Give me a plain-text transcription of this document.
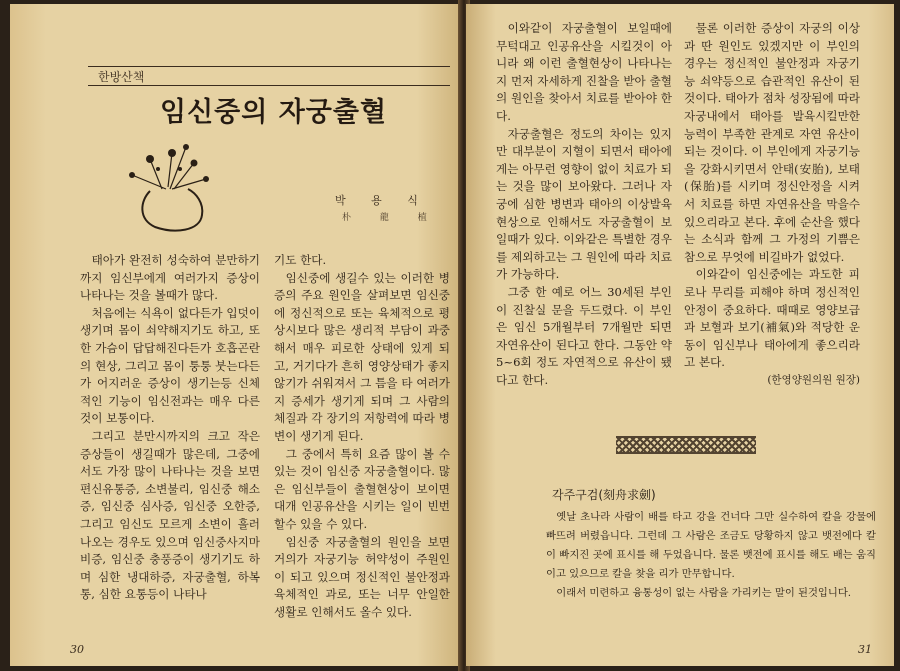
한방산책
임신중의 자궁출혈
박 용 식
朴 龍 植

태아가 완전히 성숙하여 분만하기까지 임신부에게 여러가지 증상이 나타나는 것을 볼때가 많다.

처음에는 식욕이 없다든가 입덧이 생기며 몸이 쇠약해지기도 하고, 또한 가슴이 답답해진다든가 호흡곤란의 현상, 그리고 몸이 퉁퉁 붓는다든가 어지러운 증상이 생기는등 신체적인 기능이 임신전과는 매우 다른 것이 보통이다.

그리고 분만시까지의 크고 작은 증상들이 생길때가 많은데, 그중에서도 가장 많이 나타나는 것을 보면 편신유통증, 소변불리, 임신중 해소증, 임신중 심사증, 임신중 오한증, 그리고 임신도 모르게 소변이 흘러나오는 경우도 있으며 임신중사지마비증, 임신중 충풍증이 생기기도 하며 심한 냉대하증, 자궁출혈, 하복통, 심한 요통등이 나타나

기도 한다.

임신중에 생길수 있는 이러한 병증의 주요 원인을 살펴보면 임신중에 정신적으로 또는 육체적으로 평상시보다 많은 생리적 부담이 과중해서 매우 피로한 상태에 있게 되고, 거기다가 흔히 영양상태가 좋지 않기가 쉬워져서 그 틈을 타 여러가지 증세가 생기게 되며 그 사람의 체질과 각 장기의 저항력에 따라 병변이 생기게 된다.

그 중에서 특히 요즘 많이 볼 수 있는 것이 임신중 자궁출혈이다. 많은 임신부들이 출혈현상이 보이면 대개 인공유산을 시키는 일이 빈번할수 있을 수 있다.

임신중 자궁출혈의 원인을 보면 거의가 자궁기능 허약성이 주원인이 되고 있으며 정신적인 불안정과 육체적인 과로, 또는 너무 안일한 생활로 인해서도 올수 있다.

30

이와같이 자궁출혈이 보일때에 무턱대고 인공유산을 시킬것이 아니라 왜 이런 출혈현상이 나타나는지 먼저 자세하게 진찰을 받아 출혈의 원인을 찾아서 치료를 받아야 한다.

자궁출혈은 정도의 차이는 있지만 대부분이 지혈이 되면서 태아에게는 아무런 영향이 없이 치료가 되는 것을 많이 보아왔다. 그러나 자궁에 심한 병변과 태아의 이상발육현상으로 인해서도 자궁출혈이 보일때가 있다. 이와같은 특별한 경우를 제외하고는 그 원인에 따라 치료가 가능하다.

그중 한 예로 어느 30세된 부인이 진찰실 문을 두드렸다. 이 부인은 임신 5개월부터 7개월만 되면 자연유산이 된다고 한다. 그동안 약 5~6회 정도 자연적으로 유산이 됐다고 한다.

물론 이러한 증상이 자궁의 이상과 딴 원인도 있겠지만 이 부인의 경우는 정신적인 불안정과 자궁기능 쇠약등으로 습관적인 유산이 된것이다. 태아가 점차 성장됨에 따라 자궁내에서 태아를 발육시킬만한 능력이 부족한 관계로 자연 유산이 되는 것이다. 이 부인에게 자궁기능을 강화시키면서 안태(安胎), 보태(保胎)를 시키며 정신안정을 시켜서 치료를 하면 자연유산을 막을수 있으리라고 본다. 후에 순산을 했다는 소식과 함께 그 가정의 기쁨은 참으로 무엇에 비길바가 없었다.

이와같이 임신중에는 과도한 피로나 무리를 피해야 하며 정신적인 안정이 중요하다. 때때로 영양보급과 보혈과 보기(補氣)와 적당한 운동이 임신부나 태아에게 좋으리라고 본다.

(한영양원의원 원장)

각주구검(刻舟求劍)

옛날 초나라 사람이 배를 타고 강을 건너다 그만 실수하여 칼을 강물에 빠뜨려 버렸읍니다. 그런데 그 사람은 조금도 당황하지 않고 뱃전에다 칼이 빠지진 곳에 표시를 해 두었읍니다. 물론 뱃전에 표시를 해도 배는 움직이고 있으므로 칼을 찾을 리가 만무합니다.

이래서 미련하고 융통성이 없는 사람을 가리키는 말이 된것입니다.

31
